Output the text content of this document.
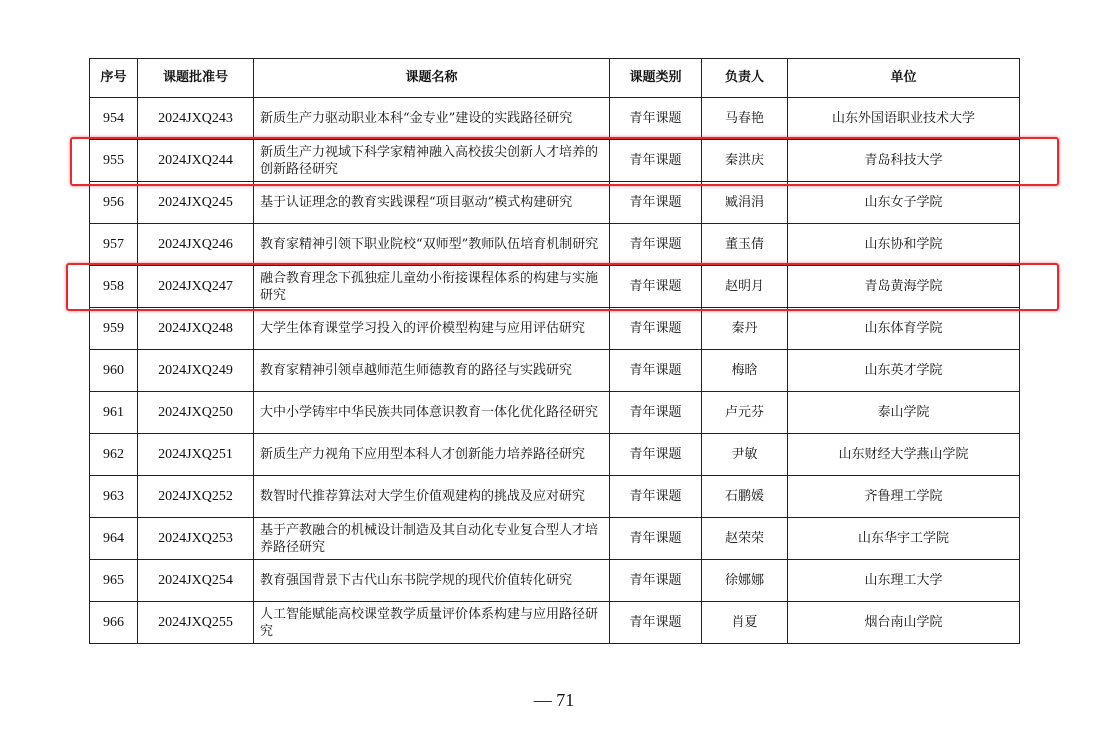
序号	课题批准号	课题名称	课题类别	负责人	单位
954	2024JXQ243	新质生产力驱动职业本科“金专业”建设的实践路径研究	青年课题	马春艳	山东外国语职业技术大学
955	2024JXQ244	新质生产力视域下科学家精神融入高校拔尖创新人才培养的创新路径研究	青年课题	秦洪庆	青岛科技大学
956	2024JXQ245	基于认证理念的教育实践课程“项目驱动”模式构建研究	青年课题	臧涓涓	山东女子学院
957	2024JXQ246	教育家精神引领下职业院校“双师型”教师队伍培育机制研究	青年课题	董玉倩	山东协和学院
958	2024JXQ247	融合教育理念下孤独症儿童幼小衔接课程体系的构建与实施研究	青年课题	赵明月	青岛黄海学院
959	2024JXQ248	大学生体育课堂学习投入的评价模型构建与应用评估研究	青年课题	秦丹	山东体育学院
960	2024JXQ249	教育家精神引领卓越师范生师德教育的路径与实践研究	青年课题	梅晗	山东英才学院
961	2024JXQ250	大中小学铸牢中华民族共同体意识教育一体化优化路径研究	青年课题	卢元芬	泰山学院
962	2024JXQ251	新质生产力视角下应用型本科人才创新能力培养路径研究	青年课题	尹敏	山东财经大学燕山学院
963	2024JXQ252	数智时代推荐算法对大学生价值观建构的挑战及应对研究	青年课题	石鹏媛	齐鲁理工学院
964	2024JXQ253	基于产教融合的机械设计制造及其自动化专业复合型人才培养路径研究	青年课题	赵荣荣	山东华宇工学院
965	2024JXQ254	教育强国背景下古代山东书院学规的现代价值转化研究	青年课题	徐娜娜	山东理工大学
966	2024JXQ255	人工智能赋能高校课堂教学质量评价体系构建与应用路径研究	青年课题	肖夏	烟台南山学院
— 71
